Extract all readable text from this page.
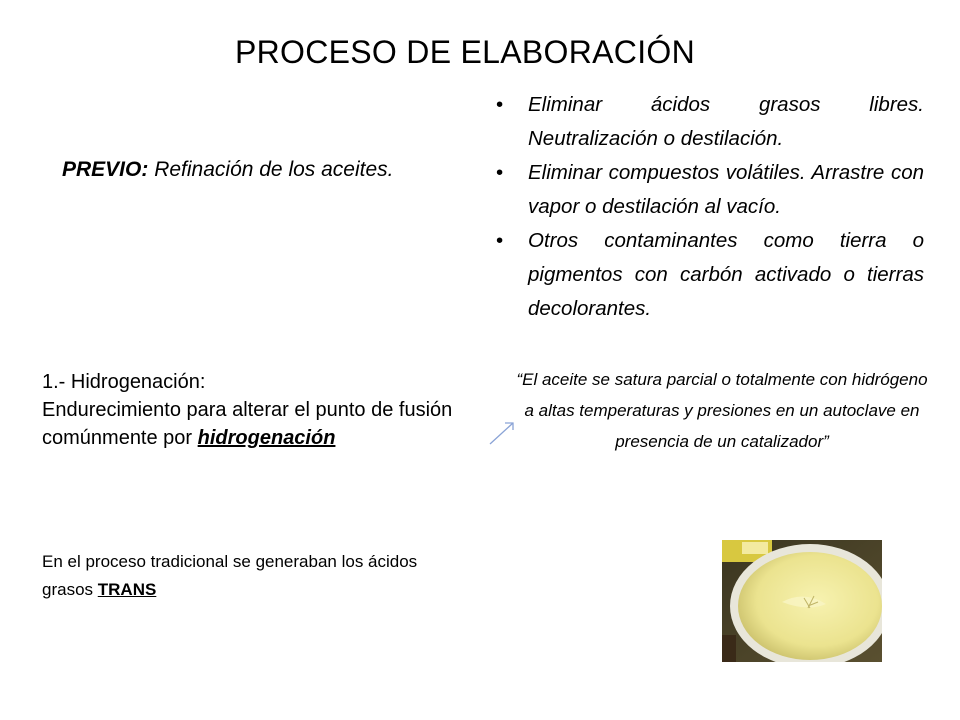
PROCESO DE ELABORACIÓN
PREVIO: Refinación de los aceites.
• Eliminar ácidos grasos libres. Neutralización o destilación.
• Eliminar compuestos volátiles. Arrastre con vapor o destilación al vacío.
• Otros contaminantes como tierra o pigmentos con carbón activado o tierras decolorantes.
1.- Hidrogenación:
Endurecimiento para alterar el punto de fusión comúnmente por hidrogenación
“El aceite se satura parcial o totalmente con hidrógeno a altas temperaturas y presiones en un autoclave en presencia de un catalizador”
En el proceso tradicional se generaban los ácidos grasos TRANS
